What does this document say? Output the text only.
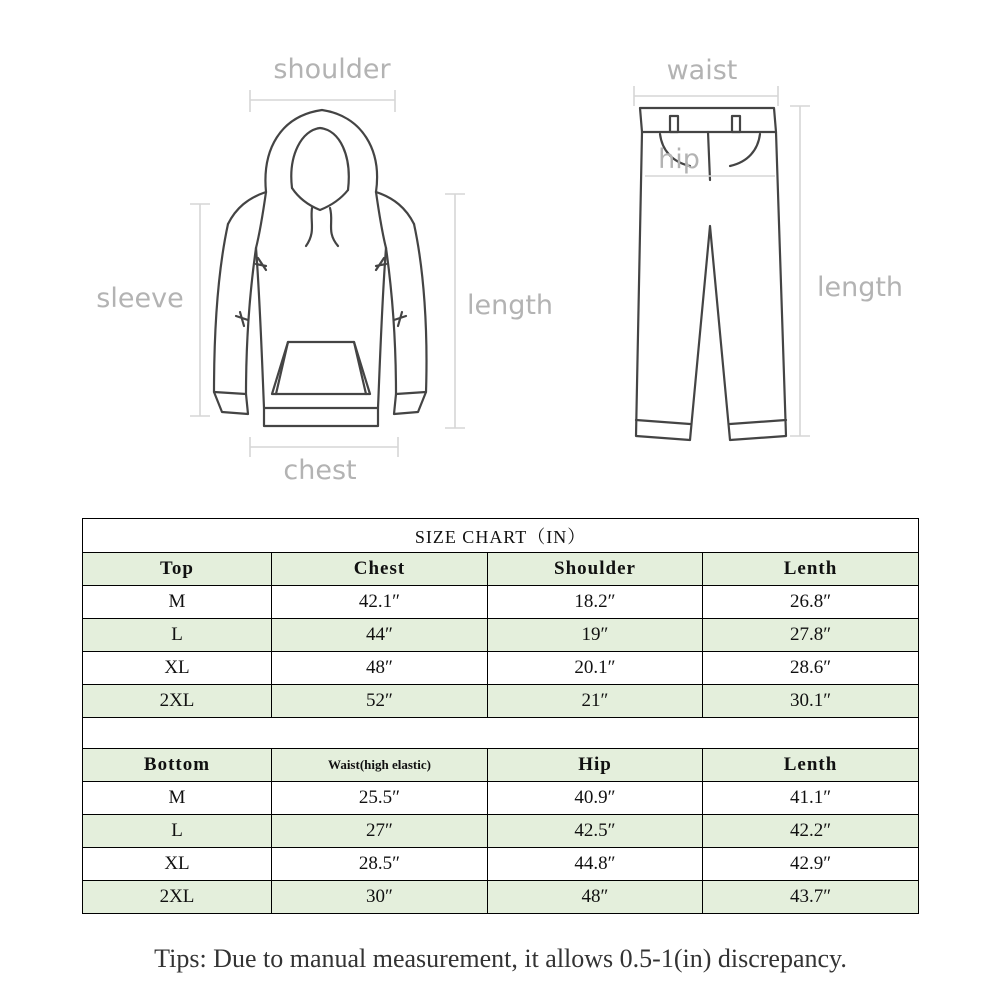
shoulder
sleeve	length
chest
waist
hip
length
SIZE CHART（IN）			
Top	Chest	Shoulder	Lenth
M	42.1″	18.2″	26.8″
L	44″	19″	27.8″
XL	48″	20.1″	28.6″
2XL	52″	21″	30.1″

Bottom	Waist(high elastic)	Hip	Lenth
M	25.5″	40.9″	41.1″
L	27″	42.5″	42.2″
XL	28.5″	44.8″	42.9″
2XL	30″	48″	43.7″
Tips: Due to manual measurement, it allows 0.5-1(in) discrepancy.
